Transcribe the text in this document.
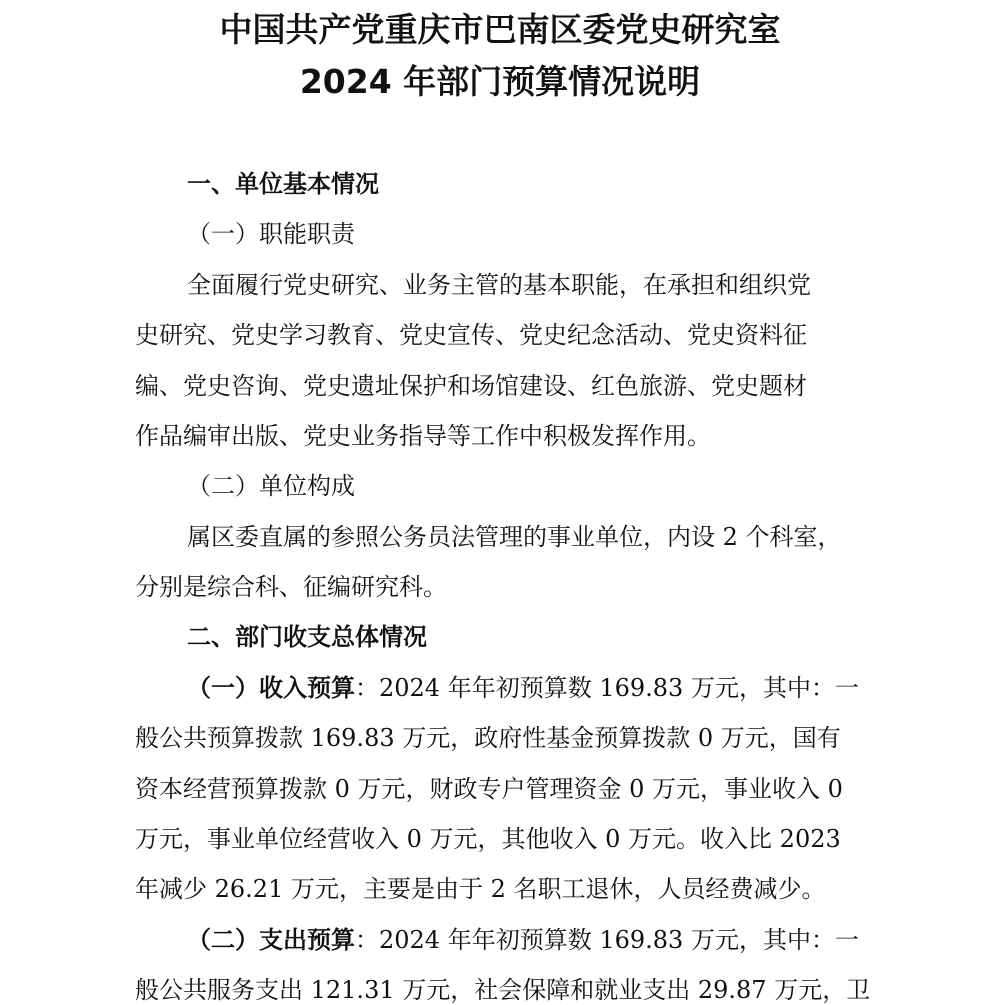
中国共产党重庆市巴南区委党史研究室
2024 年部门预算情况说明
一、单位基本情况
（一）职能职责
全面履行党史研究、业务主管的基本职能，在承担和组织党
史研究、党史学习教育、党史宣传、党史纪念活动、党史资料征
编、党史咨询、党史遗址保护和场馆建设、红色旅游、党史题材
作品编审出版、党史业务指导等工作中积极发挥作用。
（二）单位构成
属区委直属的参照公务员法管理的事业单位，内设 2 个科室，
分别是综合科、征编研究科。
二、部门收支总体情况
（一）收入预算：2024 年年初预算数 169.83 万元，其中：一
般公共预算拨款 169.83 万元，政府性基金预算拨款 0 万元，国有
资本经营预算拨款 0 万元，财政专户管理资金 0 万元，事业收入 0
万元，事业单位经营收入 0 万元，其他收入 0 万元。收入比 2023
年减少 26.21 万元，主要是由于 2 名职工退休，人员经费减少。
（二）支出预算：2024 年年初预算数 169.83 万元，其中：一
般公共服务支出 121.31 万元，社会保障和就业支出 29.87 万元，卫
